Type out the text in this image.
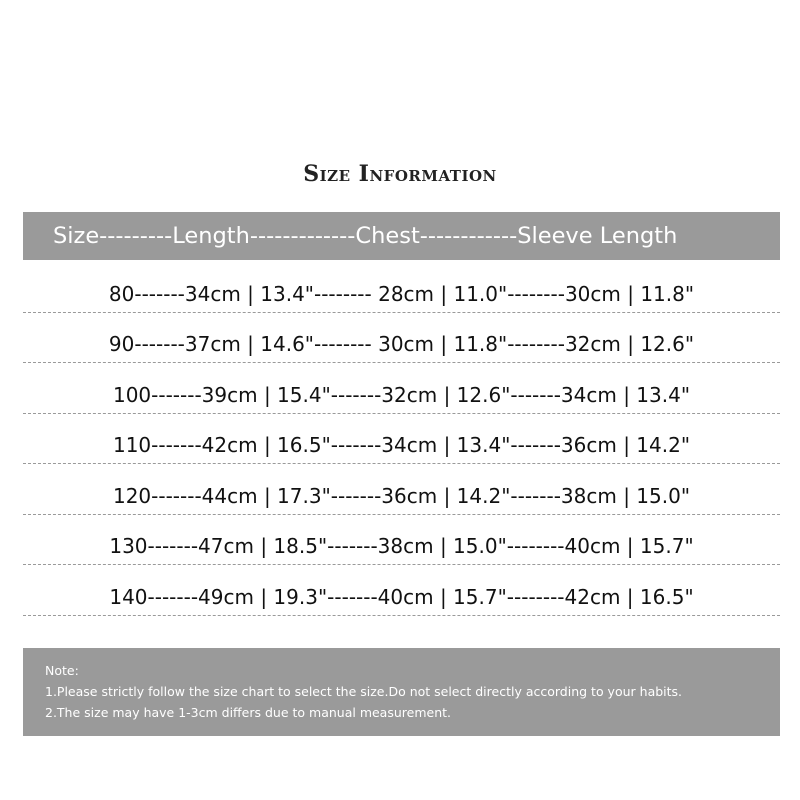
Size Information
Size---------Length-------------Chest------------Sleeve Length
80-------34cm | 13.4"-------- 28cm | 11.0"--------30cm | 11.8"
90-------37cm | 14.6"-------- 30cm | 11.8"--------32cm | 12.6"
100-------39cm | 15.4"-------32cm | 12.6"-------34cm | 13.4"
110-------42cm | 16.5"-------34cm | 13.4"-------36cm | 14.2"
120-------44cm | 17.3"-------36cm | 14.2"-------38cm | 15.0"
130-------47cm | 18.5"-------38cm | 15.0"--------40cm | 15.7"
140-------49cm | 19.3"-------40cm | 15.7"--------42cm | 16.5"
Note:
1.Please strictly follow the size chart to select the size.Do not select directly according to your habits.
2.The size may have 1-3cm differs due to manual measurement.
